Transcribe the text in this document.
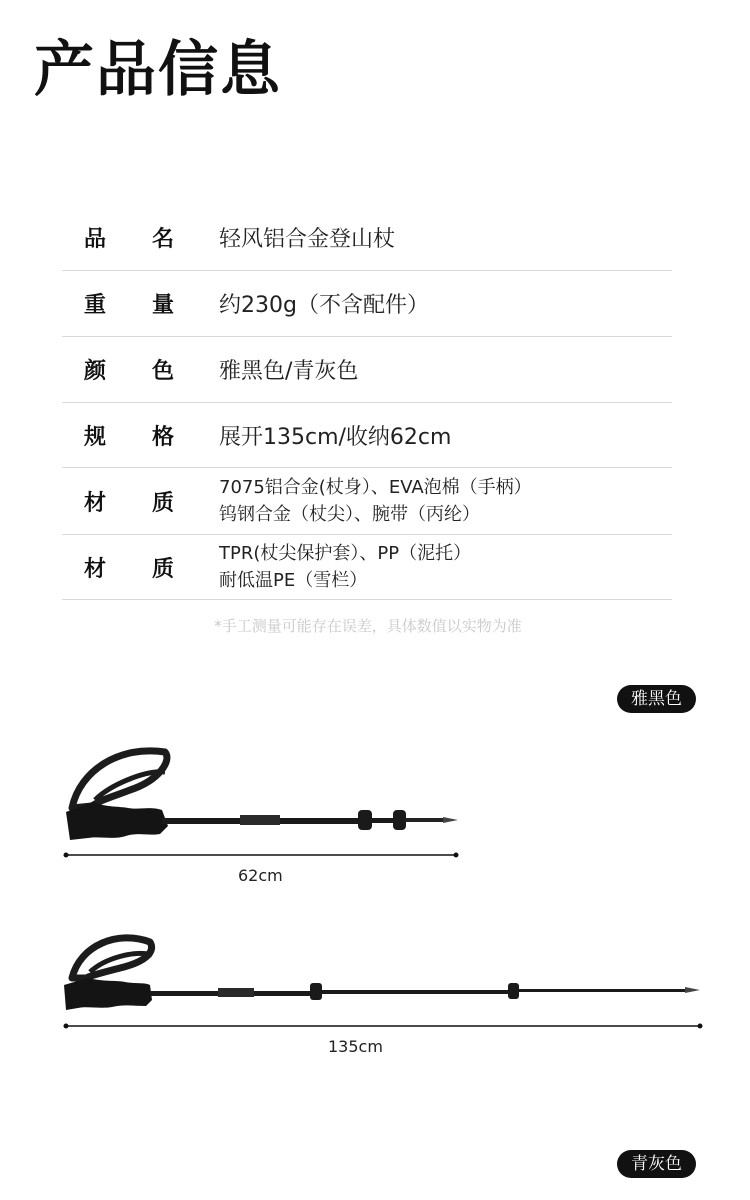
产品信息
品 名 轻风铝合金登山杖
重 量 约230g（不含配件）
颜 色 雅黑色/青灰色
规 格 展开135cm/收纳62cm
材 质
7075铝合金(杖身）、EVA泡棉（手柄）
钨钢合金（杖尖）、腕带（丙纶）
材 质
TPR(杖尖保护套）、PP（泥托）
耐低温PE（雪栏）
*手工测量可能存在误差，具体数值以实物为准
雅黑色
62cm
135cm
青灰色
